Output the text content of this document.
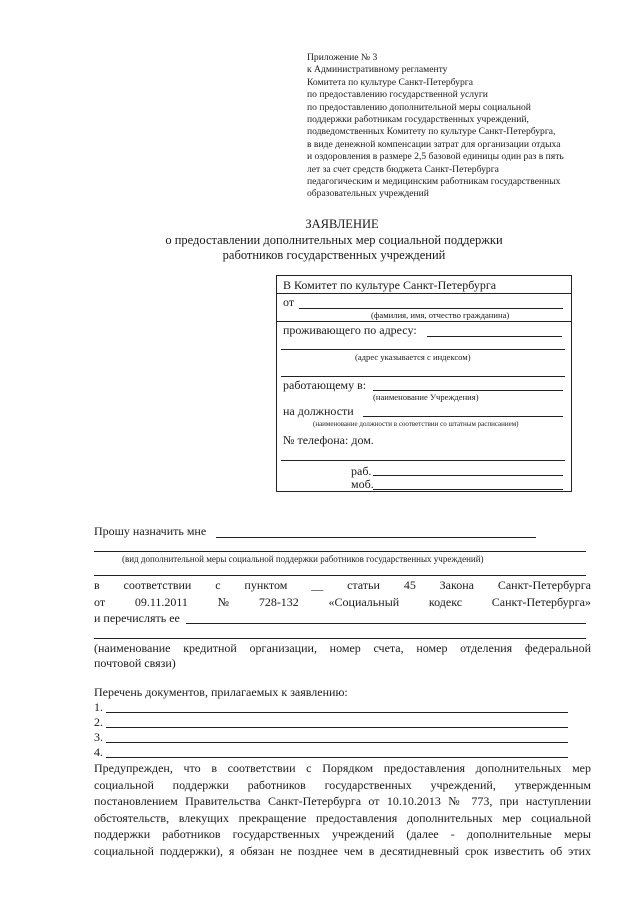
Приложение № 3
к Административному регламенту
Комитета по культуре Санкт-Петербурга
по предоставлению государственной услуги
по предоставлению дополнительной меры социальной
поддержки работникам государственных учреждений,
подведомственных Комитету по культуре Санкт-Петербурга,
в виде денежной компенсации затрат для организации отдыха
и оздоровления в размере 2,5 базовой единицы один раз в пять
лет за счет средств бюджета Санкт-Петербурга
педагогическим и медицинским работникам государственных
образовательных учреждений
ЗАЯВЛЕНИЕ
о предоставлении дополнительных мер социальной поддержки
работников государственных учреждений
В Комитет по культуре Санкт-Петербурга
от
(фамилия, имя, отчество гражданина)
проживающего по адресу:
(адрес указывается с индексом)
работающему в:
(наименование Учреждения)
на должности
(наименование должности в соответствии со штатным расписанием)
№ телефона: дом.
раб.
моб.
Прошу назначить мне
(вид дополнительной меры социальной поддержки работников государственных учреждений)
в соответствии с пунктом __ статьи 45 Закона Санкт-Петербурга
от 09.11.2011 № 728-132 «Социальный кодекс Санкт-Петербурга»
и перечислять ее
(наименование кредитной организации, номер счета, номер отделения федеральной
почтовой связи)
Перечень документов, прилагаемых к заявлению:
1.
2.
3.
4.
Предупрежден, что в соответствии с Порядком предоставления дополнительных мер
социальной поддержки работников государственных учреждений, утвержденным
постановлением Правительства Санкт-Петербурга от 10.10.2013 № 773, при наступлении
обстоятельств, влекущих прекращение предоставления дополнительных мер социальной
поддержки работников государственных учреждений (далее - дополнительные меры
социальной поддержки), я обязан не позднее чем в десятидневный срок известить об этих
